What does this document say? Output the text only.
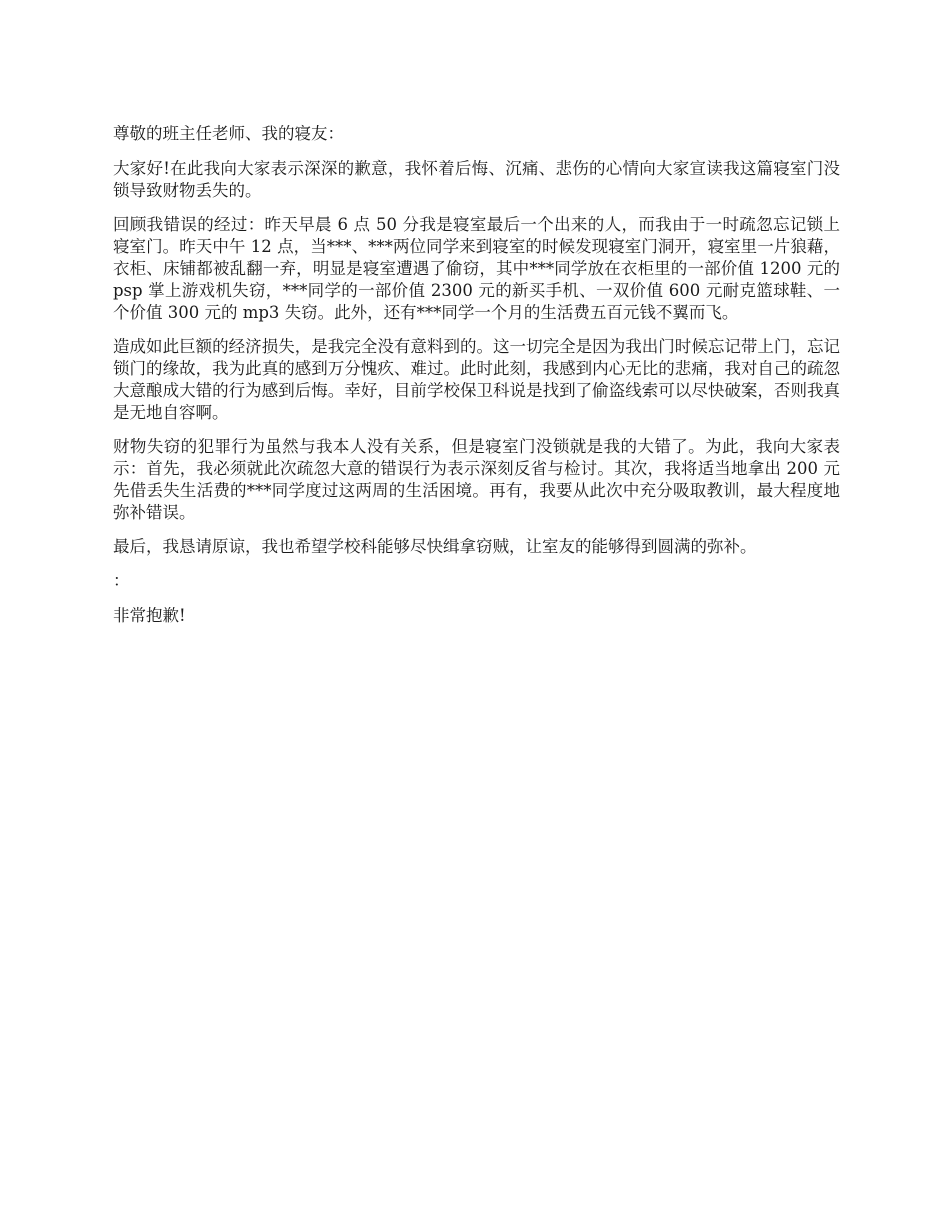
尊敬的班主任老师、我的寝友：

大家好!在此我向大家表示深深的歉意，我怀着后悔、沉痛、悲伤的心情向大家宣读我这篇寝室门没锁导致财物丢失的。

回顾我错误的经过：昨天早晨 6 点 50 分我是寝室最后一个出来的人，而我由于一时疏忽忘记锁上寝室门。昨天中午 12 点，当***、***两位同学来到寝室的时候发现寝室门洞开，寝室里一片狼藉，衣柜、床铺都被乱翻一弃，明显是寝室遭遇了偷窃，其中***同学放在衣柜里的一部价值 1200 元的 psp 掌上游戏机失窃，***同学的一部价值 2300 元的新买手机、一双价值 600 元耐克篮球鞋、一个价值 300 元的 mp3 失窃。此外，还有***同学一个月的生活费五百元钱不翼而飞。

造成如此巨额的经济损失，是我完全没有意料到的。这一切完全是因为我出门时候忘记带上门，忘记锁门的缘故，我为此真的感到万分愧疚、难过。此时此刻，我感到内心无比的悲痛，我对自己的疏忽大意酿成大错的行为感到后悔。幸好，目前学校保卫科说是找到了偷盗线索可以尽快破案，否则我真是无地自容啊。

财物失窃的犯罪行为虽然与我本人没有关系，但是寝室门没锁就是我的大错了。为此，我向大家表示：首先，我必须就此次疏忽大意的错误行为表示深刻反省与检讨。其次，我将适当地拿出 200 元先借丢失生活费的***同学度过这两周的生活困境。再有，我要从此次中充分吸取教训，最大程度地弥补错误。

最后，我恳请原谅，我也希望学校科能够尽快缉拿窃贼，让室友的能够得到圆满的弥补。

：

非常抱歉!
